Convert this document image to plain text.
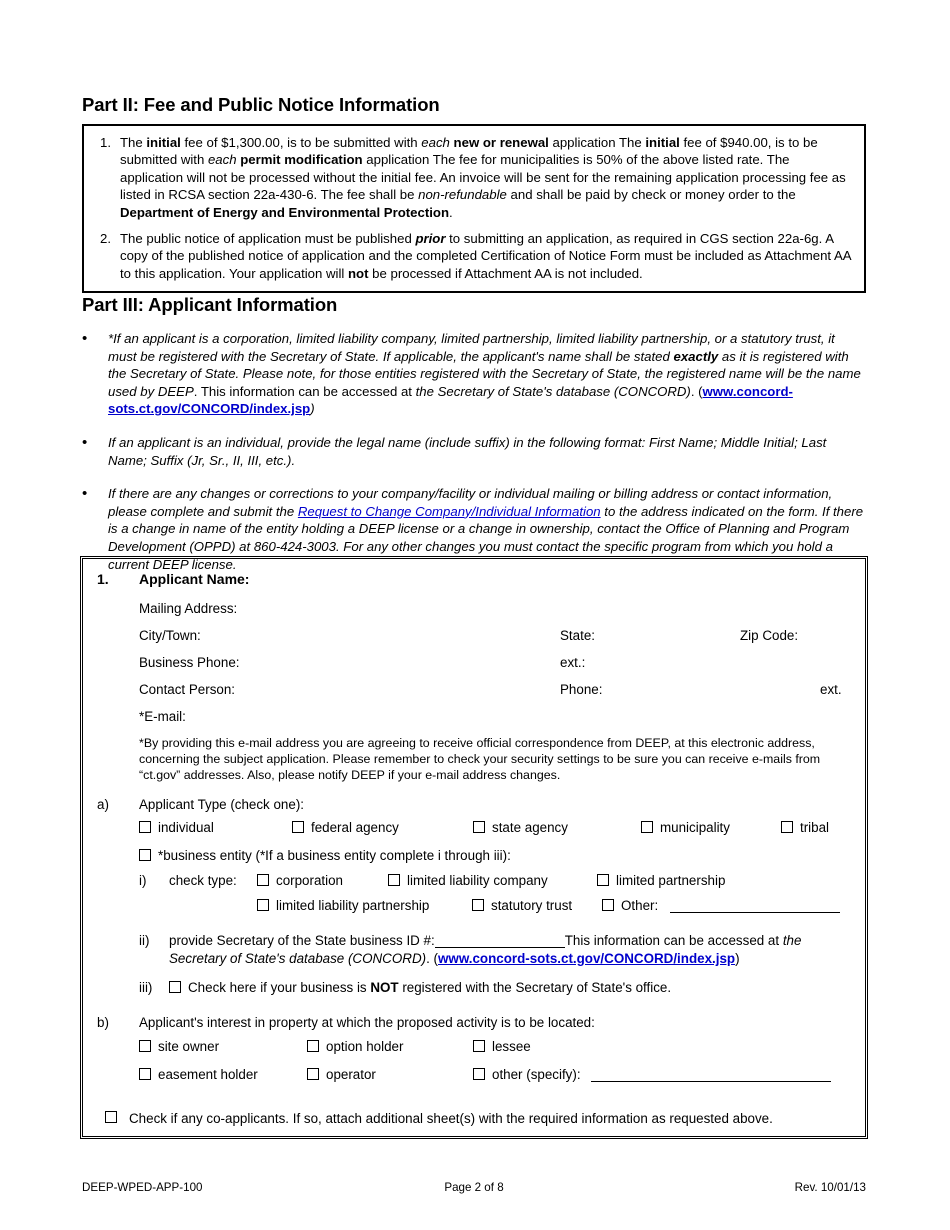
Part II: Fee and Public Notice Information
1. The initial fee of $1,300.00, is to be submitted with each new or renewal application The initial fee of $940.00, is to be submitted with each permit modification application The fee for municipalities is 50% of the above listed rate. The application will not be processed without the initial fee. An invoice will be sent for the remaining application processing fee as listed in RCSA section 22a-430-6. The fee shall be non-refundable and shall be paid by check or money order to the Department of Energy and Environmental Protection.
2. The public notice of application must be published prior to submitting an application, as required in CGS section 22a-6g. A copy of the published notice of application and the completed Certification of Notice Form must be included as Attachment AA to this application. Your application will not be processed if Attachment AA is not included.
Part III: Applicant Information
•	*If an applicant is a corporation, limited liability company, limited partnership, limited liability partnership, or a statutory trust, it must be registered with the Secretary of State. If applicable, the applicant's name shall be stated exactly as it is registered with the Secretary of State. Please note, for those entities registered with the Secretary of State, the registered name will be the name used by DEEP. This information can be accessed at the Secretary of State's database (CONCORD). (www.concord-sots.ct.gov/CONCORD/index.jsp)
•	If an applicant is an individual, provide the legal name (include suffix) in the following format: First Name; Middle Initial; Last Name; Suffix (Jr, Sr., II, III, etc.).
•	If there are any changes or corrections to your company/facility or individual mailing or billing address or contact information, please complete and submit the Request to Change Company/Individual Information to the address indicated on the form. If there is a change in name of the entity holding a DEEP license or a change in ownership, contact the Office of Planning and Program Development (OPPD) at 860-424-3003. For any other changes you must contact the specific program from which you hold a current DEEP license.
1.	Applicant Name:
Mailing Address:
City/Town:	State:	Zip Code:
Business Phone:	ext.:
Contact Person:	Phone:	ext.
*E-mail:
*By providing this e-mail address you are agreeing to receive official correspondence from DEEP, at this electronic address, concerning the subject application. Please remember to check your security settings to be sure you can receive e-mails from “ct.gov” addresses. Also, please notify DEEP if your e-mail address changes.
a)	Applicant Type (check one):
individual	federal agency	state agency	municipality	tribal
*business entity (*If a business entity complete i through iii):
i)	check type:	corporation	limited liability company	limited partnership
limited liability partnership	statutory trust	Other:
ii)	provide Secretary of the State business ID #:	This information can be accessed at the Secretary of State's database (CONCORD). (www.concord-sots.ct.gov/CONCORD/index.jsp)
iii)	Check here if your business is NOT registered with the Secretary of State's office.
b)	Applicant's interest in property at which the proposed activity is to be located:
site owner	option holder	lessee
easement holder	operator	other (specify):
Check if any co-applicants. If so, attach additional sheet(s) with the required information as requested above.
DEEP-WPED-APP-100	Page 2 of 8	Rev. 10/01/13
